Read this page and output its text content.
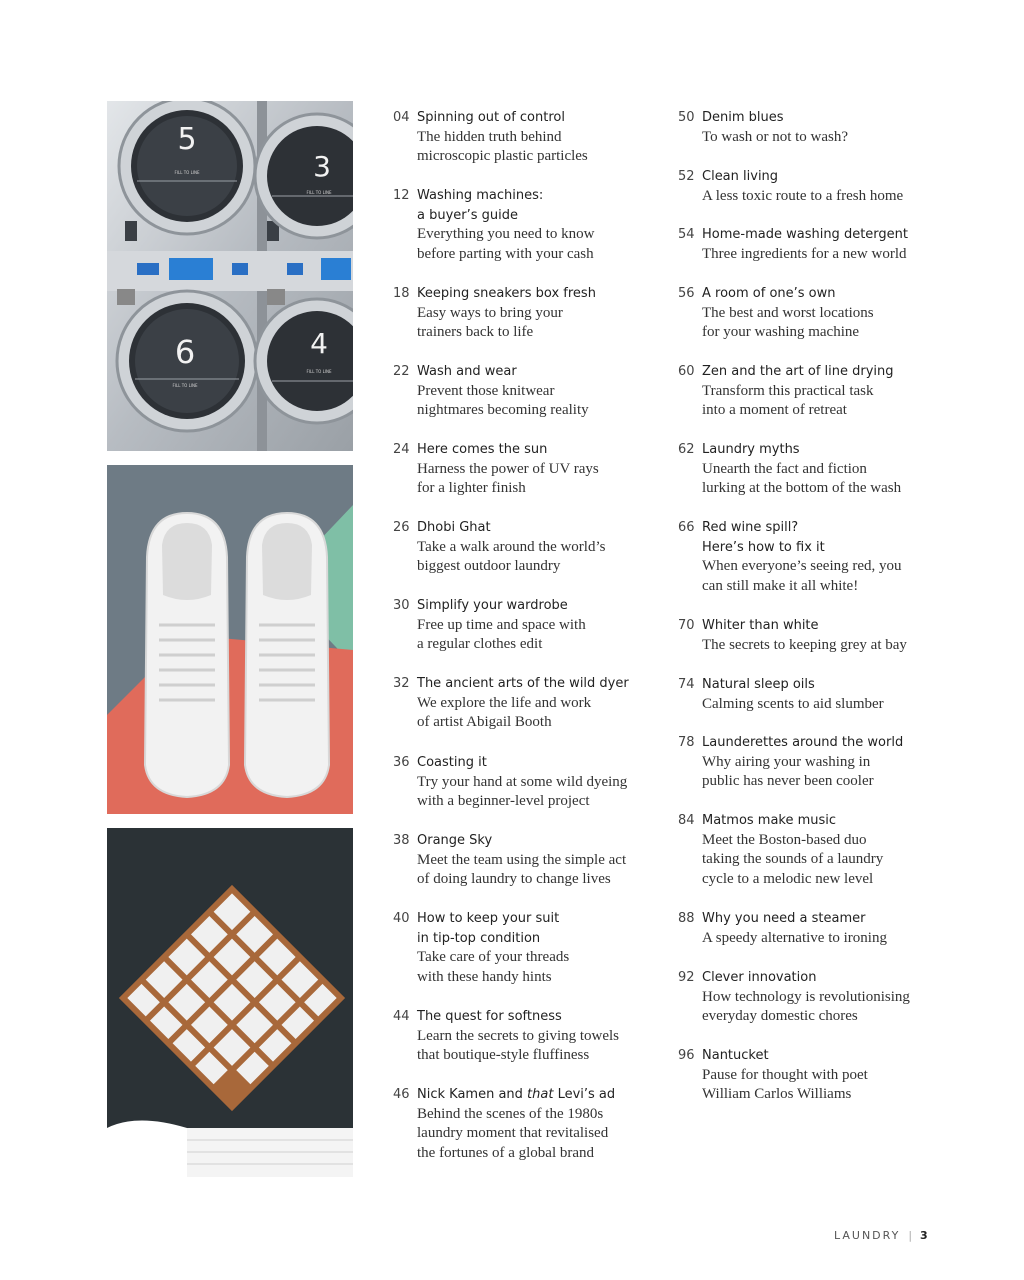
5
3
6	4
FILL TO LINE
FILL TO LINE
FILL TO LINE
FILL TO LINE
04 Spinning out of control
The hidden truth behind
microscopic plastic particles
12 Washing machines:
a buyer’s guide
Everything you need to know
before parting with your cash
18 Keeping sneakers box fresh
Easy ways to bring your
trainers back to life
22 Wash and wear
Prevent those knitwear
nightmares becoming reality
24 Here comes the sun
Harness the power of UV rays
for a lighter finish
26 Dhobi Ghat
Take a walk around the world’s
biggest outdoor laundry
30 Simplify your wardrobe
Free up time and space with
a regular clothes edit
32 The ancient arts of the wild dyer
We explore the life and work
of artist Abigail Booth
36 Coasting it
Try your hand at some wild dyeing
with a beginner-level project
38 Orange Sky
Meet the team using the simple act
of doing laundry to change lives
40 How to keep your suit
in tip-top condition
Take care of your threads
with these handy hints
44 The quest for softness
Learn the secrets to giving towels
that boutique-style fluffiness
46 Nick Kamen and that Levi’s ad
Behind the scenes of the 1980s
laundry moment that revitalised
the fortunes of a global brand
50 Denim blues
To wash or not to wash?
52 Clean living
A less toxic route to a fresh home
54 Home-made washing detergent
Three ingredients for a new world
56 A room of one’s own
The best and worst locations
for your washing machine
60 Zen and the art of line drying
Transform this practical task
into a moment of retreat
62 Laundry myths
Unearth the fact and fiction
lurking at the bottom of the wash
66 Red wine spill?
Here’s how to fix it
When everyone’s seeing red, you
can still make it all white!
70 Whiter than white
The secrets to keeping grey at bay
74 Natural sleep oils
Calming scents to aid slumber
78 Launderettes around the world
Why airing your washing in
public has never been cooler
84 Matmos make music
Meet the Boston-based duo
taking the sounds of a laundry
cycle to a melodic new level
88 Why you need a steamer
A speedy alternative to ironing
92 Clever innovation
How technology is revolutionising
everyday domestic chores
96 Nantucket
Pause for thought with poet
William Carlos Williams
LAUNDRY | 3
